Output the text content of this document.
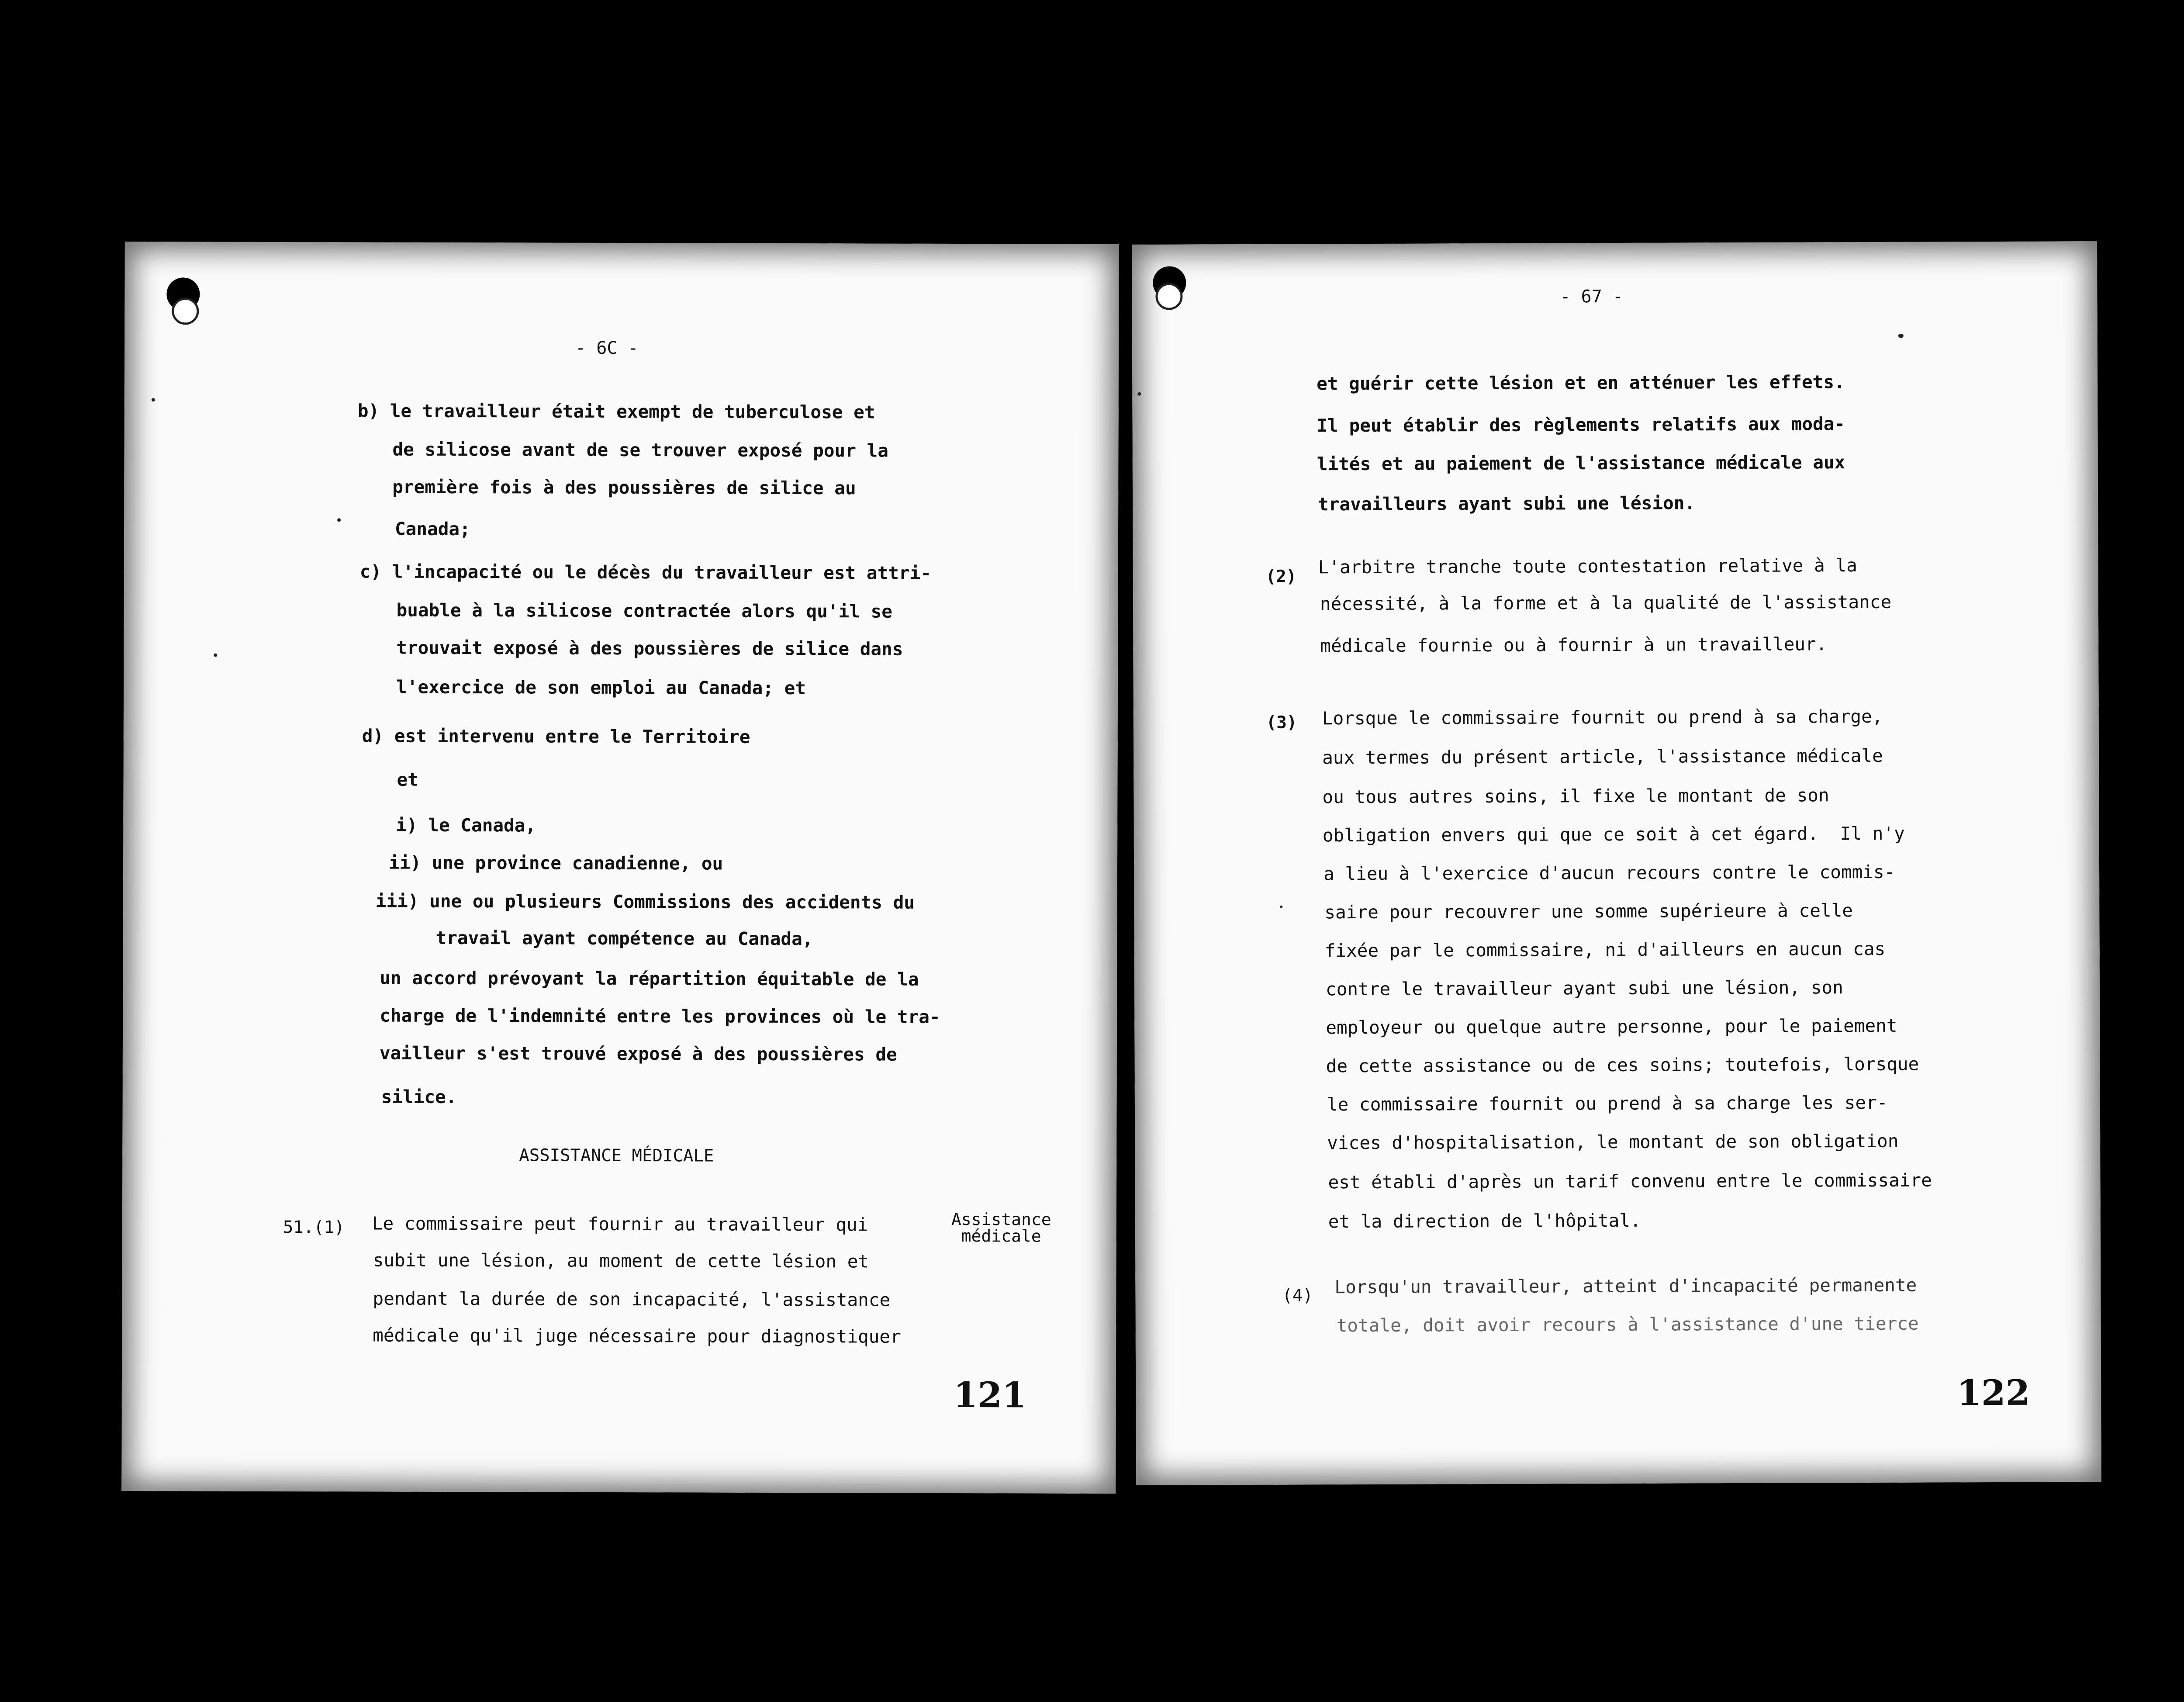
- 6C -
b) le travailleur était exempt de tuberculose et
de silicose avant de se trouver exposé pour la
première fois à des poussières de silice au
Canada;
c) l'incapacité ou le décès du travailleur est attri-
buable à la silicose contractée alors qu'il se
trouvait exposé à des poussières de silice dans
l'exercice de son emploi au Canada; et
d) est intervenu entre le Territoire
et
i) le Canada,
ii) une province canadienne, ou
iii) une ou plusieurs Commissions des accidents du
travail ayant compétence au Canada,
un accord prévoyant la répartition équitable de la
charge de l'indemnité entre les provinces où le tra-
vailleur s'est trouvé exposé à des poussières de
silice.
ASSISTANCE MÉDICALE
51.(1) Le commissaire peut fournir au travailleur qui
subit une lésion, au moment de cette lésion et
pendant la durée de son incapacité, l'assistance
médicale qu'il juge nécessaire pour diagnostiquer
Assistance
médicale
121
- 67 -
et guérir cette lésion et en atténuer les effets.
Il peut établir des règlements relatifs aux moda-
lités et au paiement de l'assistance médicale aux
travailleurs ayant subi une lésion.
(2) L'arbitre tranche toute contestation relative à la
nécessité, à la forme et à la qualité de l'assistance
médicale fournie ou à fournir à un travailleur.
(3) Lorsque le commissaire fournit ou prend à sa charge,
aux termes du présent article, l'assistance médicale
ou tous autres soins, il fixe le montant de son
obligation envers qui que ce soit à cet égard.  Il n'y
a lieu à l'exercice d'aucun recours contre le commis-
saire pour recouvrer une somme supérieure à celle
fixée par le commissaire, ni d'ailleurs en aucun cas
contre le travailleur ayant subi une lésion, son
employeur ou quelque autre personne, pour le paiement
de cette assistance ou de ces soins; toutefois, lorsque
le commissaire fournit ou prend à sa charge les ser-
vices d'hospitalisation, le montant de son obligation
est établi d'après un tarif convenu entre le commissaire
et la direction de l'hôpital.
(4) Lorsqu'un travailleur, atteint d'incapacité permanente
totale, doit avoir recours à l'assistance d'une tierce
122
